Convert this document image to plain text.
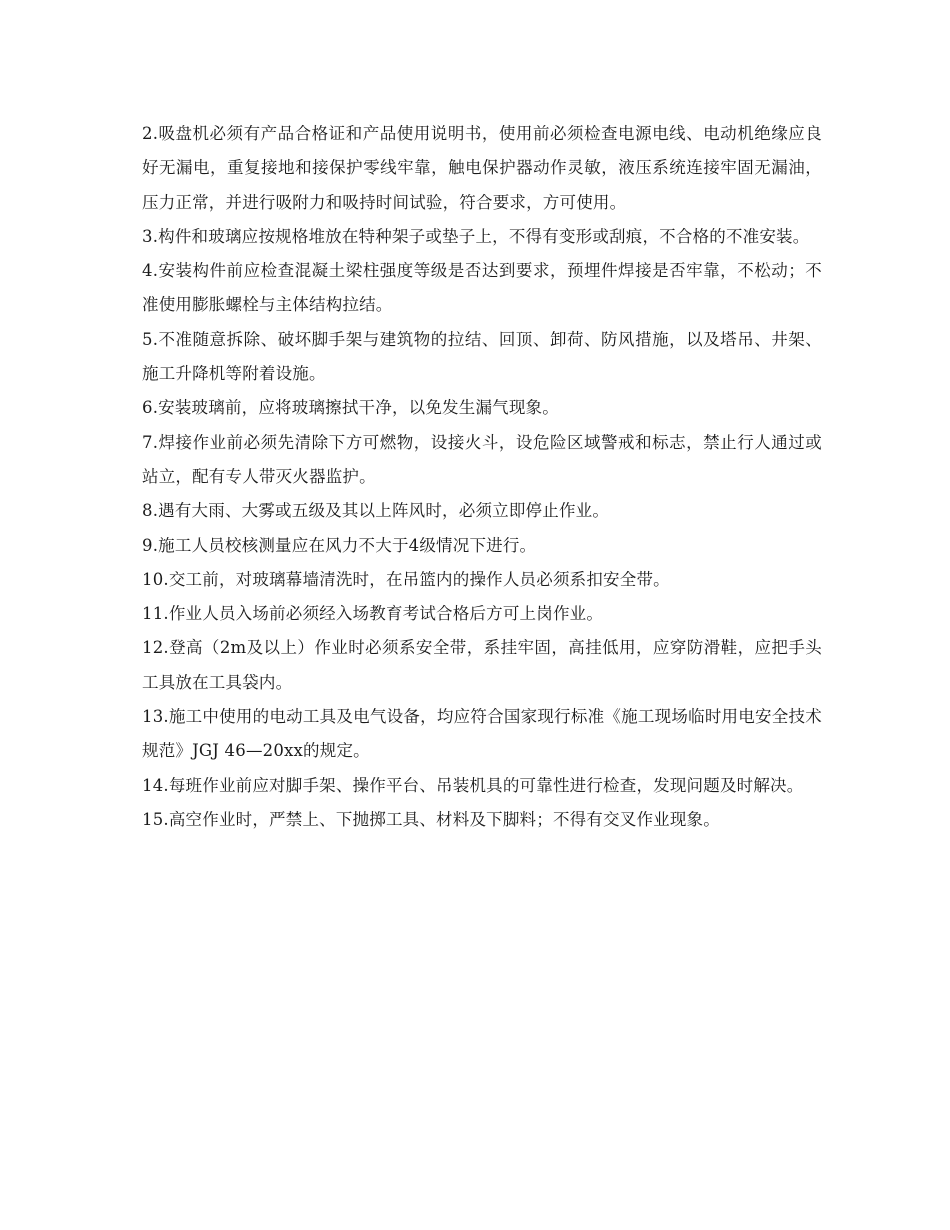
2.吸盘机必须有产品合格证和产品使用说明书，使用前必须检查电源电线、电动机绝缘应良好无漏电，重复接地和接保护零线牢靠，触电保护器动作灵敏，液压系统连接牢固无漏油，压力正常，并进行吸附力和吸持时间试验，符合要求，方可使用。

3.构件和玻璃应按规格堆放在特种架子或垫子上，不得有变形或刮痕，不合格的不准安装。

4.安装构件前应检查混凝土梁柱强度等级是否达到要求，预埋件焊接是否牢靠，不松动；不准使用膨胀螺栓与主体结构拉结。

5.不准随意拆除、破坏脚手架与建筑物的拉结、回顶、卸荷、防风措施，以及塔吊、井架、施工升降机等附着设施。

6.安装玻璃前，应将玻璃擦拭干净，以免发生漏气现象。

7.焊接作业前必须先清除下方可燃物，设接火斗，设危险区域警戒和标志，禁止行人通过或站立，配有专人带灭火器监护。

8.遇有大雨、大雾或五级及其以上阵风时，必须立即停止作业。

9.施工人员校核测量应在风力不大于4级情况下进行。

10.交工前，对玻璃幕墙清洗时，在吊篮内的操作人员必须系扣安全带。

11.作业人员入场前必须经入场教育考试合格后方可上岗作业。

12.登高（2m及以上）作业时必须系安全带，系挂牢固，高挂低用，应穿防滑鞋，应把手头工具放在工具袋内。

13.施工中使用的电动工具及电气设备，均应符合国家现行标准《施工现场临时用电安全技术规范》JGJ 46—20xx的规定。

14.每班作业前应对脚手架、操作平台、吊装机具的可靠性进行检查，发现问题及时解决。

15.高空作业时，严禁上、下抛掷工具、材料及下脚料；不得有交叉作业现象。
